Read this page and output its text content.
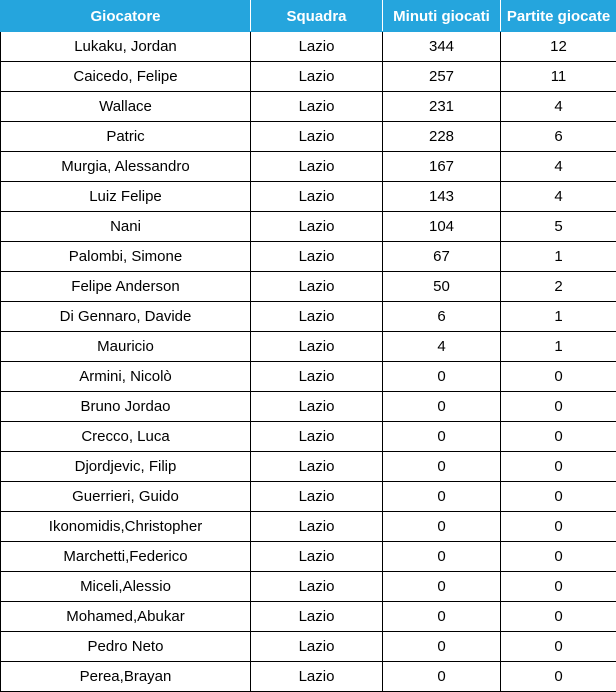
Giocatore	Squadra	Minuti giocati	Partite giocate
Lukaku, Jordan	Lazio	344	12
Caicedo, Felipe	Lazio	257	11
Wallace	Lazio	231	4
Patric	Lazio	228	6
Murgia, Alessandro	Lazio	167	4
Luiz Felipe	Lazio	143	4
Nani	Lazio	104	5
Palombi, Simone	Lazio	67	1
Felipe Anderson	Lazio	50	2
Di Gennaro, Davide	Lazio	6	1
Mauricio	Lazio	4	1
Armini, Nicolò	Lazio	0	0
Bruno Jordao	Lazio	0	0
Crecco, Luca	Lazio	0	0
Djordjevic, Filip	Lazio	0	0
Guerrieri, Guido	Lazio	0	0
Ikonomidis,Christopher	Lazio	0	0
Marchetti,Federico	Lazio	0	0
Miceli,Alessio	Lazio	0	0
Mohamed,Abukar	Lazio	0	0
Pedro Neto	Lazio	0	0
Perea,Brayan	Lazio	0	0
